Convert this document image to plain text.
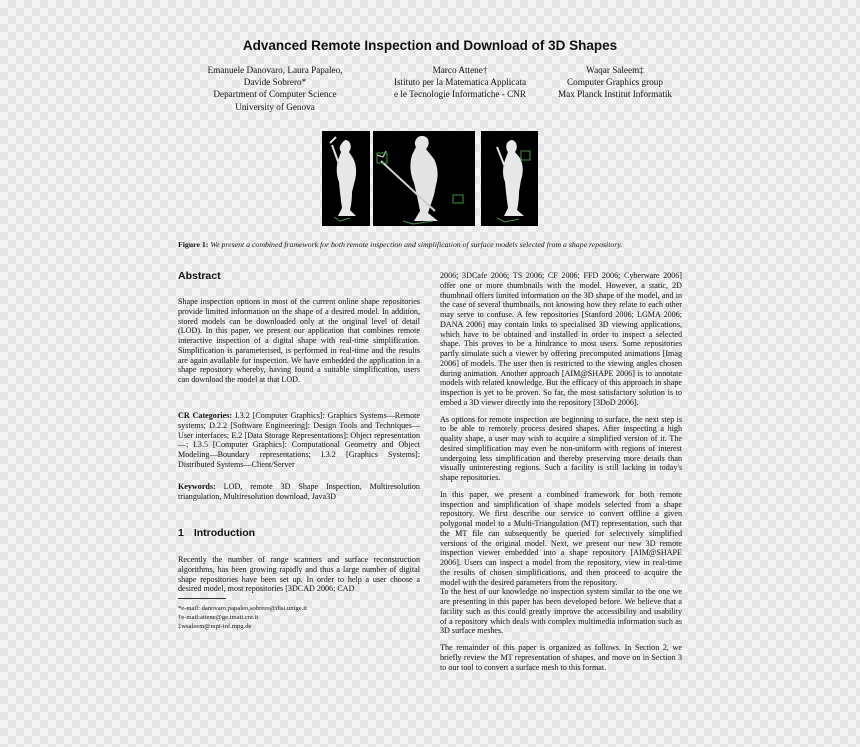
Advanced Remote Inspection and Download of 3D Shapes
Emanuele Danovaro, Laura Papaleo,
Davide Sobrero*
Department of Computer Science
University of Genova
Marco Attene†
Istituto per la Matematica Applicata
e le Tecnologie Informatiche - CNR
Waqar Saleem‡
Computer Graphics group
Max Planck Institut Informatik
Figure 1: We present a combined framework for both remote inspection and simplification of surface models selected from a shape repository.
Abstract

Shape inspection options in most of the current online shape repositories provide limited information on the shape of a desired model. In addition, stored models can be downloaded only at the original level of detail (LOD). In this paper, we present our application that combines remote interactive inspection of a digital shape with real-time simplification. Simplification is parameterised, is performed in real-time and the results are again available for inspection. We have embedded the application in a shape repository whereby, having found a suitable simplification, users can download the model at that LOD.

CR Categories: I.3.2 [Computer Graphics]: Graphics Systems—Remote systems; D.2.2 [Software Engineering]: Design Tools and Techniques—User interfaces; E.2 [Data Storage Representations]: Object representation—; I.3.5 [Computer Graphics]: Computational Geometry and Object Modeling—Boundary representations; I.3.2 [Graphics Systems]: Distributed Systems—Client/Server

Keywords: LOD, remote 3D Shape Inspection, Multiresolution triangulation, Multiresolution download, Java3D

1 Introduction

Recently the number of range scanners and surface reconstruction algorithms, has been growing rapidly and thus a large number of digital shape repositories have been set up. In order to help a user choose a desired model, most repositories [3DCAD 2006; CAD

*e-mail: danovaro,papaleo,sobrero@disi.unige.it
†e-mail:attene@ge.imati.cnr.it
‡wsaleem@mpi-inf.mpg.de

2006; 3DCafe 2006; TS 2006; CF 2006; FFD 2006; Cyberware 2006] offer one or more thumbnails with the model. However, a static, 2D thumbnail offers limited information on the 3D shape of the model, and in the case of several thumbnails, not knowing how they relate to each other may serve to confuse. A few repositories [Stanford 2006; LGMA 2006; DANA 2006] may contain links to specialised 3D viewing applications, which have to be obtained and installed in order to inspect a selected shape. This proves to be a hindrance to most users. Some repositories partly simulate such a viewer by offering precomputed animations [Imag 2006] of models. The user then is restricted to the viewing angles chosen during animation. Another approach [AIM@SHAPE 2006] is to annotate models with related knowledge. But the efficacy of this approach in shape inspection is yet to be proven. So far, the most satisfactory solution is to embed a 3D viewer directly into the repository [3DoD 2006].

As options for remote inspection are beginning to surface, the next step is to be able to remotely process desired shapes. After inspecting a high quality shape, a user may wish to acquire a simplified version of it. The desired simplification may even be non-uniform with regions of interest undergoing less simplification and thereby preserving more details than visually uninteresting regions. Such a facility is still lacking in today's shape repositories.

In this paper, we present a combined framework for both remote inspection and simplification of shape models selected from a shape repository. We first describe our service to convert offline a given polygonal model to a Multi-Triangulation (MT) representation, such that the MT file can subsequently be queried for selectively simplified versions of the original model. Next, we present our new 3D remote inspection viewer embedded into a shape repository [AIM@SHAPE 2006]. Users can inspect a model from the repository, view in real-time the results of chosen simplifications, and then proceed to acquire the model with the desired parameters from the repository.

To the best of our knowledge no inspection system similar to the one we are presenting in this paper has been developed before. We believe that a facility such as this could greatly improve the accessibility and usability of a repository which deals with complex multimedia information such as 3D surface meshes.

The remainder of this paper is organized as follows. In Section 2, we briefly review the MT representation of shapes, and move on in Section 3 to our tool to convert a surface mesh to this format.
